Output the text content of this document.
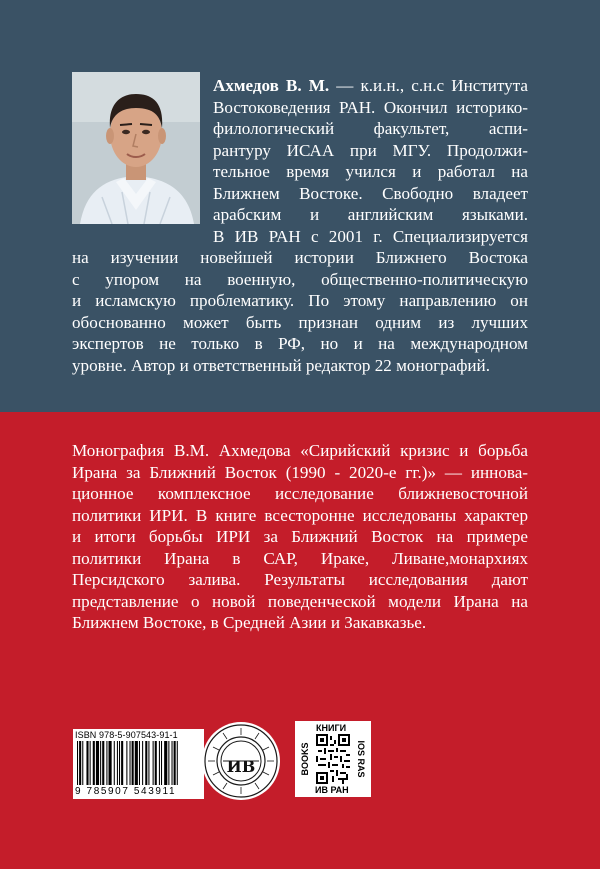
Ахмедов В. М. — к.и.н., с.н.с Института

Востоковедения РАН. Окончил историко-

филологический факультет, аспи-

рантуру ИСАА при МГУ. Продолжи-

тельное время учился и работал на

Ближнем Востоке. Свободно владеет

арабским и английским языками.

В ИВ РАН с 2001 г. Специализируется

на изучении новейшей истории Ближнего Востока

с упором на военную, общественно-политическую

и исламскую проблематику. По этому направлению он

обоснованно может быть признан одним из лучших

экспертов не только в РФ, но и на международном

уровне. Автор и ответственный редактор 22 монографий.

Монография В.М. Ахмедова «Сирийский кризис и борьба

Ирана за Ближний Восток (1990 - 2020-е гг.)» — иннова-

ционное комплексное исследование ближневосточной

политики ИРИ. В книге всесторонне исследованы характер

и итоги борьбы ИРИ за Ближний Восток на примере

политики Ирана в САР, Ираке, Ливане,монархиях

Персидского залива. Результаты исследования дают

представление о новой поведенческой модели Ирана на

Ближнем Востоке, в Средней Азии и Закавказье.

ISBN 978-5-907543-91-1
9 785907 543911
ИВ
КНИГИ
BOOKS	IOS RAS
ИВ РАН
